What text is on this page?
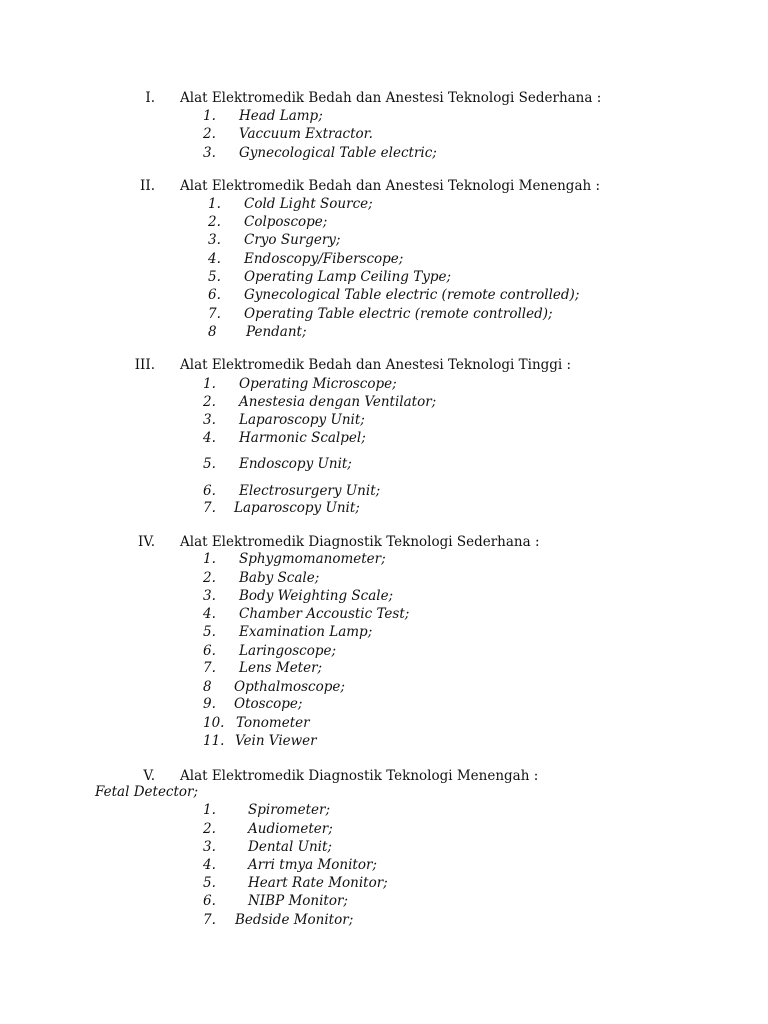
I. Alat Elektromedik Bedah dan Anestesi Teknologi Sederhana :
1. Head Lamp;
2. Vaccuum Extractor.
3. Gynecological Table electric;
II. Alat Elektromedik Bedah dan Anestesi Teknologi Menengah :
1. Cold Light Source;
2. Colposcope;
3. Cryo Surgery;
4. Endoscopy/Fiberscope;
5. Operating Lamp Ceiling Type;
6. Gynecological Table electric (remote controlled);
7. Operating Table electric (remote controlled);
8 Pendant;
III. Alat Elektromedik Bedah dan Anestesi Teknologi Tinggi :
1. Operating Microscope;
2. Anestesia dengan Ventilator;
3. Laparoscopy Unit;
4. Harmonic Scalpel;
5. Endoscopy Unit;
6. Electrosurgery Unit;
7. Laparoscopy Unit;
IV. Alat Elektromedik Diagnostik Teknologi Sederhana :
1. Sphygmomanometer;
2. Baby Scale;
3. Body Weighting Scale;
4. Chamber Accoustic Test;
5. Examination Lamp;
6. Laringoscope;
7. Lens Meter;
8 Opthalmoscope;
9. Otoscope;
10. Tonometer
11. Vein Viewer
V. Alat Elektromedik Diagnostik Teknologi Menengah :
Fetal Detector;
1. Spirometer;
2. Audiometer;
3. Dental Unit;
4. Arri tmya Monitor;
5. Heart Rate Monitor;
6. NIBP Monitor;
7. Bedside Monitor;
